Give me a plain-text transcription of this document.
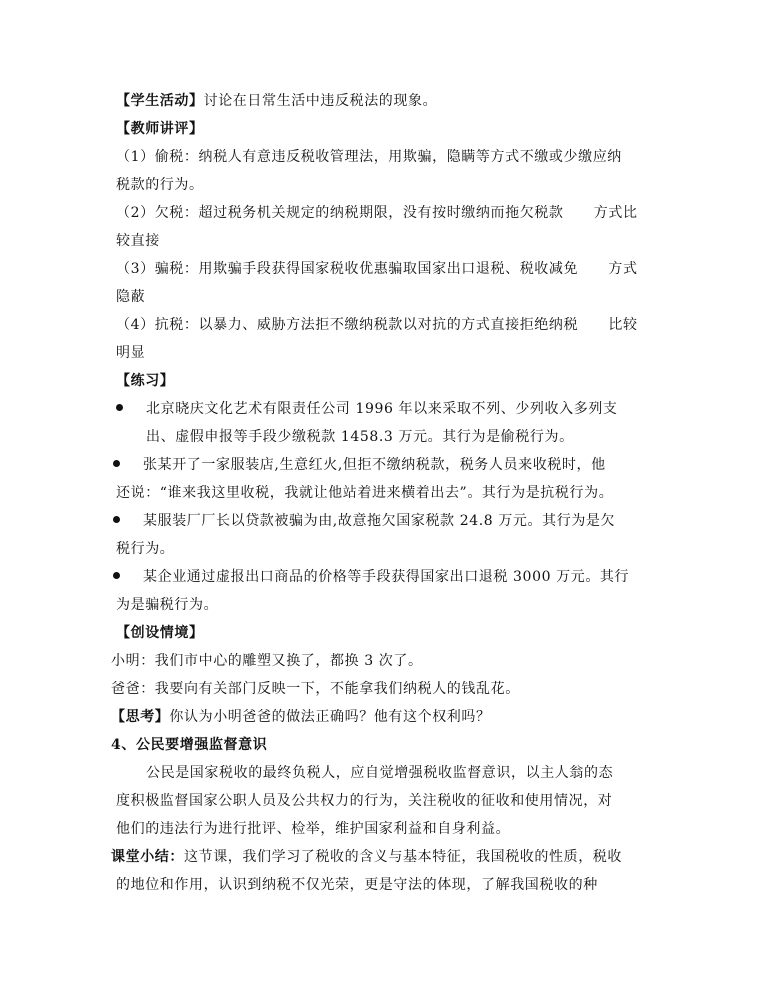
【学生活动】讨论在日常生活中违反税法的现象。
【教师讲评】
（1）偷税：纳税人有意违反税收管理法，用欺骗，隐瞒等方式不缴或少缴应纳
税款的行为。
（2）欠税：超过税务机关规定的纳税期限，没有按时缴纳而拖欠税款      方式比
较直接
（3）骗税：用欺骗手段获得国家税收优惠骗取国家出口退税、税收减免      方式
隐蔽
（4）抗税：以暴力、威胁方法拒不缴纳税款以对抗的方式直接拒绝纳税      比较
明显
【练习】
北京晓庆文化艺术有限责任公司 1996 年以来采取不列、少列收入多列支
出、虚假申报等手段少缴税款 1458.3 万元。其行为是偷税行为。
张某开了一家服装店,生意红火,但拒不缴纳税款，税务人员来收税时，他
还说：“谁来我这里收税，我就让他站着进来横着出去”。其行为是抗税行为。
某服装厂厂长以贷款被骗为由,故意拖欠国家税款 24.8 万元。其行为是欠
税行为。
某企业通过虚报出口商品的价格等手段获得国家出口退税 3000 万元。其行
为是骗税行为。
【创设情境】
小明：我们市中心的雕塑又换了，都换 3 次了。
爸爸：我要向有关部门反映一下，不能拿我们纳税人的钱乱花。
【思考】你认为小明爸爸的做法正确吗？他有这个权利吗？
4、公民要增强监督意识
公民是国家税收的最终负税人，应自觉增强税收监督意识，以主人翁的态
度积极监督国家公职人员及公共权力的行为，关注税收的征收和使用情况，对
他们的违法行为进行批评、检举，维护国家利益和自身利益。
课堂小结：这节课，我们学习了税收的含义与基本特征，我国税收的性质，税收
的地位和作用，认识到纳税不仅光荣，更是守法的体现，了解我国税收的种
